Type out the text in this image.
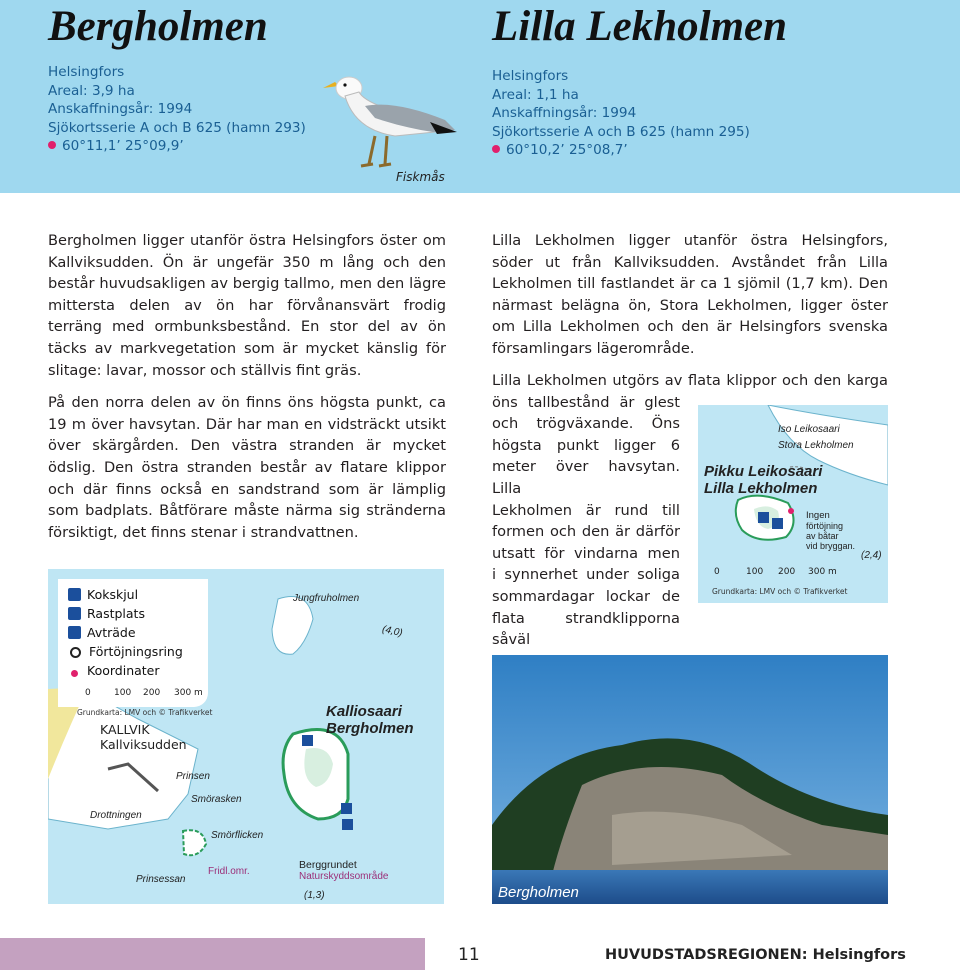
Bergholmen
Helsingfors
Areal: 3,9 ha
Anskaffningsår: 1994
Sjökortsserie A och B 625 (hamn 293)
60°11,1’ 25°09,9’
Lilla Lekholmen
Helsingfors
Areal: 1,1 ha
Anskaffningsår: 1994
Sjökortsserie A och B 625 (hamn 295)
60°10,2’ 25°08,7’
Fiskmås

Bergholmen ligger utanför östra Helsingfors öster om Kallviksudden. Ön är ungefär 350 m lång och den består huvudsakligen av bergig tallmo, men den lägre mittersta delen av ön har förvånansvärt frodig terräng med ormbunksbestånd. En stor del av ön täcks av markvegetation som är mycket känslig för slitage: lavar, mossor och ställvis fint gräs.

På den norra delen av ön finns öns högsta punkt, ca 19 m över havsytan. Där har man en vidsträckt utsikt över skärgården. Den västra stranden är mycket ödslig. Den östra stranden består av flatare klippor och där finns också en sandstrand som är lämplig som badplats. Båtförare måste närma sig stränderna försiktigt, det finns stenar i strandvattnen.

Lilla Lekholmen ligger utanför östra Helsingfors, söder ut från Kallviksudden. Avståndet från Lilla Lekholmen till fastlandet är ca 1 sjömil (1,7 km). Den närmast belägna ön, Stora Lekholmen, ligger öster om Lilla Lekholmen och den är Helsingfors svenska församlingars lägerområde.

Lilla Lekholmen utgörs av flata klippor och den karga
öns tallbestånd är glest
och trögväxande. Öns
högsta punkt ligger 6
meter över havsytan. Lilla
Lekholmen är rund till
formen och den är därför
utsatt för vindarna men
i synnerhet under soliga
sommardagar lockar de
flata strandklipporna såväl
Iso Leikosaari
Stora Lekholmen
Pikku Leikosaari
Lilla Lekholmen
Ingen
förtöjning
av båtar
vid bryggan.
(2,4)
0	100 200 300 m
Grundkarta: LMV och © Trafikverket
Jungfruholmen
(4,0)
KALLVIK
Kallviksudden
Kalliosaari
Bergholmen
Prinsen
Smörasken
Drottningen
Smörflicken
Fridl.omr.
Prinsessan
Berggrundet
Naturskyddsområde
(1,3)
Kokskjul
Rastplats
Avträde
Förtöjningsring
Koordinater
0	100 200 300 m
Grundkarta: LMV och © Trafikverket
Bergholmen
11	HUVUDSTADSREGIONEN: Helsingfors
